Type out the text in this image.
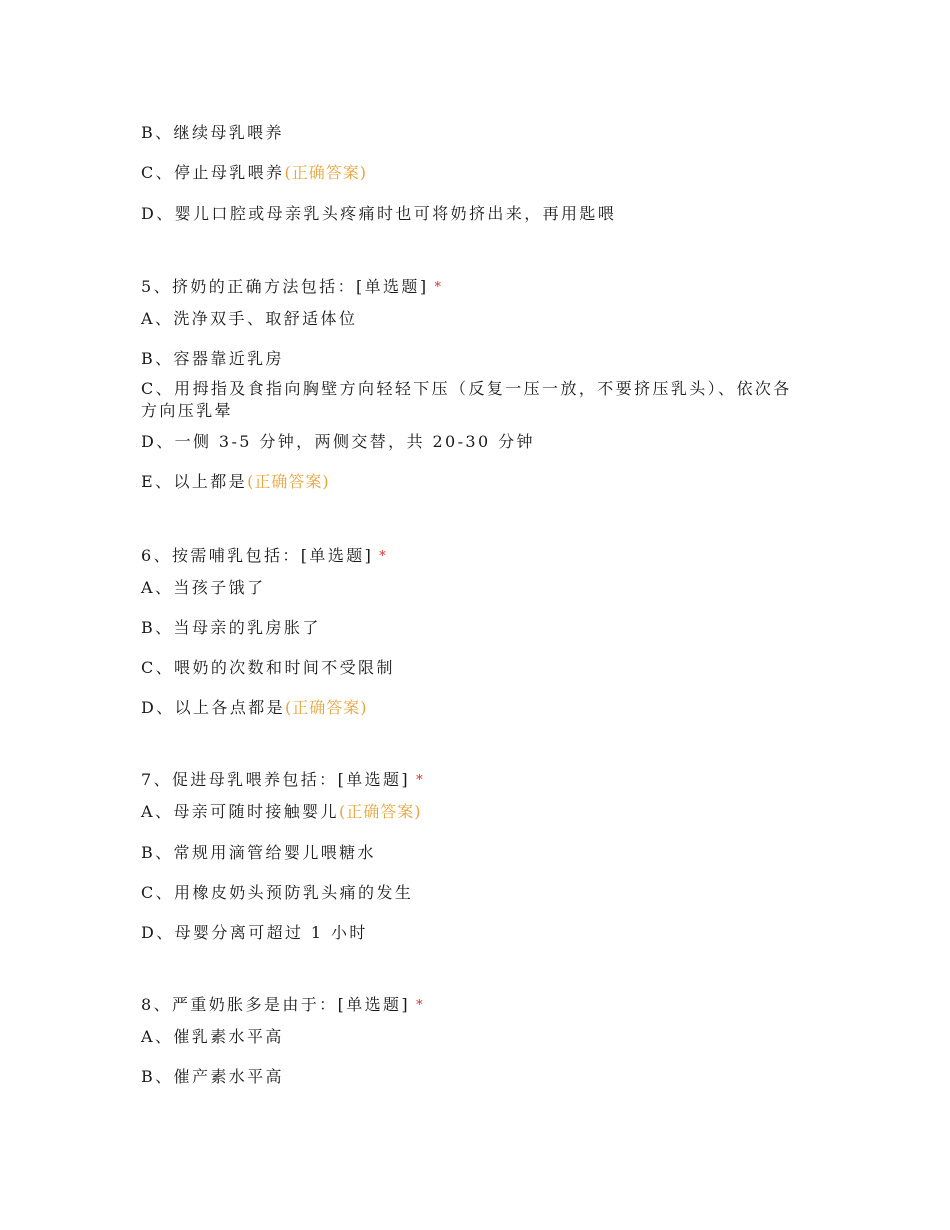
B、继续母乳喂养
C、停止母乳喂养(正确答案)
D、婴儿口腔或母亲乳头疼痛时也可将奶挤出来，再用匙喂
5、挤奶的正确方法包括：[单选题] *
A、洗净双手、取舒适体位
B、容器靠近乳房
C、用拇指及食指向胸壁方向轻轻下压（反复一压一放，不要挤压乳头）、依次各方向压乳晕
D、一侧 3-5 分钟，两侧交替，共 20-30 分钟
E、以上都是(正确答案)
6、按需哺乳包括：[单选题] *
A、当孩子饿了
B、当母亲的乳房胀了
C、喂奶的次数和时间不受限制
D、以上各点都是(正确答案)
7、促进母乳喂养包括：[单选题] *
A、母亲可随时接触婴儿(正确答案)
B、常规用滴管给婴儿喂糖水
C、用橡皮奶头预防乳头痛的发生
D、母婴分离可超过 1 小时
8、严重奶胀多是由于：[单选题] *
A、催乳素水平高
B、催产素水平高
